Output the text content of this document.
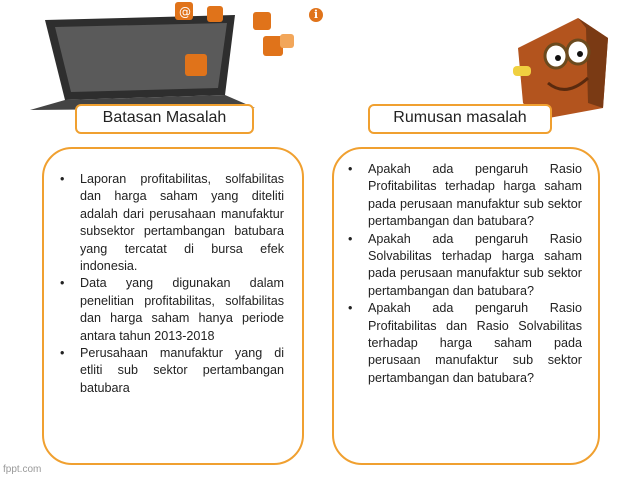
@	i
Batasan Masalah	Rumusan masalah
• Laporan profitabilitas, solfabilitas dan harga saham yang diteliti adalah dari perusahaan manufaktur subsektor pertambangan batubara yang tercatat di bursa efek indonesia.
• Data yang digunakan dalam penelitian profitabilitas, solfabilitas dan harga saham hanya periode antara tahun 2013-2018
• Perusahaan manufaktur yang di etliti sub sektor pertambangan batubara
• Apakah ada pengaruh Rasio Profitabilitas terhadap harga saham pada perusaan manufaktur sub sektor pertambangan dan batubara?
• Apakah ada pengaruh Rasio Solvabilitas terhadap harga saham pada perusaan manufaktur sub sektor pertambangan dan batubara?
• Apakah ada pengaruh Rasio Profitabilitas dan Rasio Solvabilitas terhadap harga saham pada perusaan manufaktur sub sektor pertambangan dan batubara?
fppt.com
